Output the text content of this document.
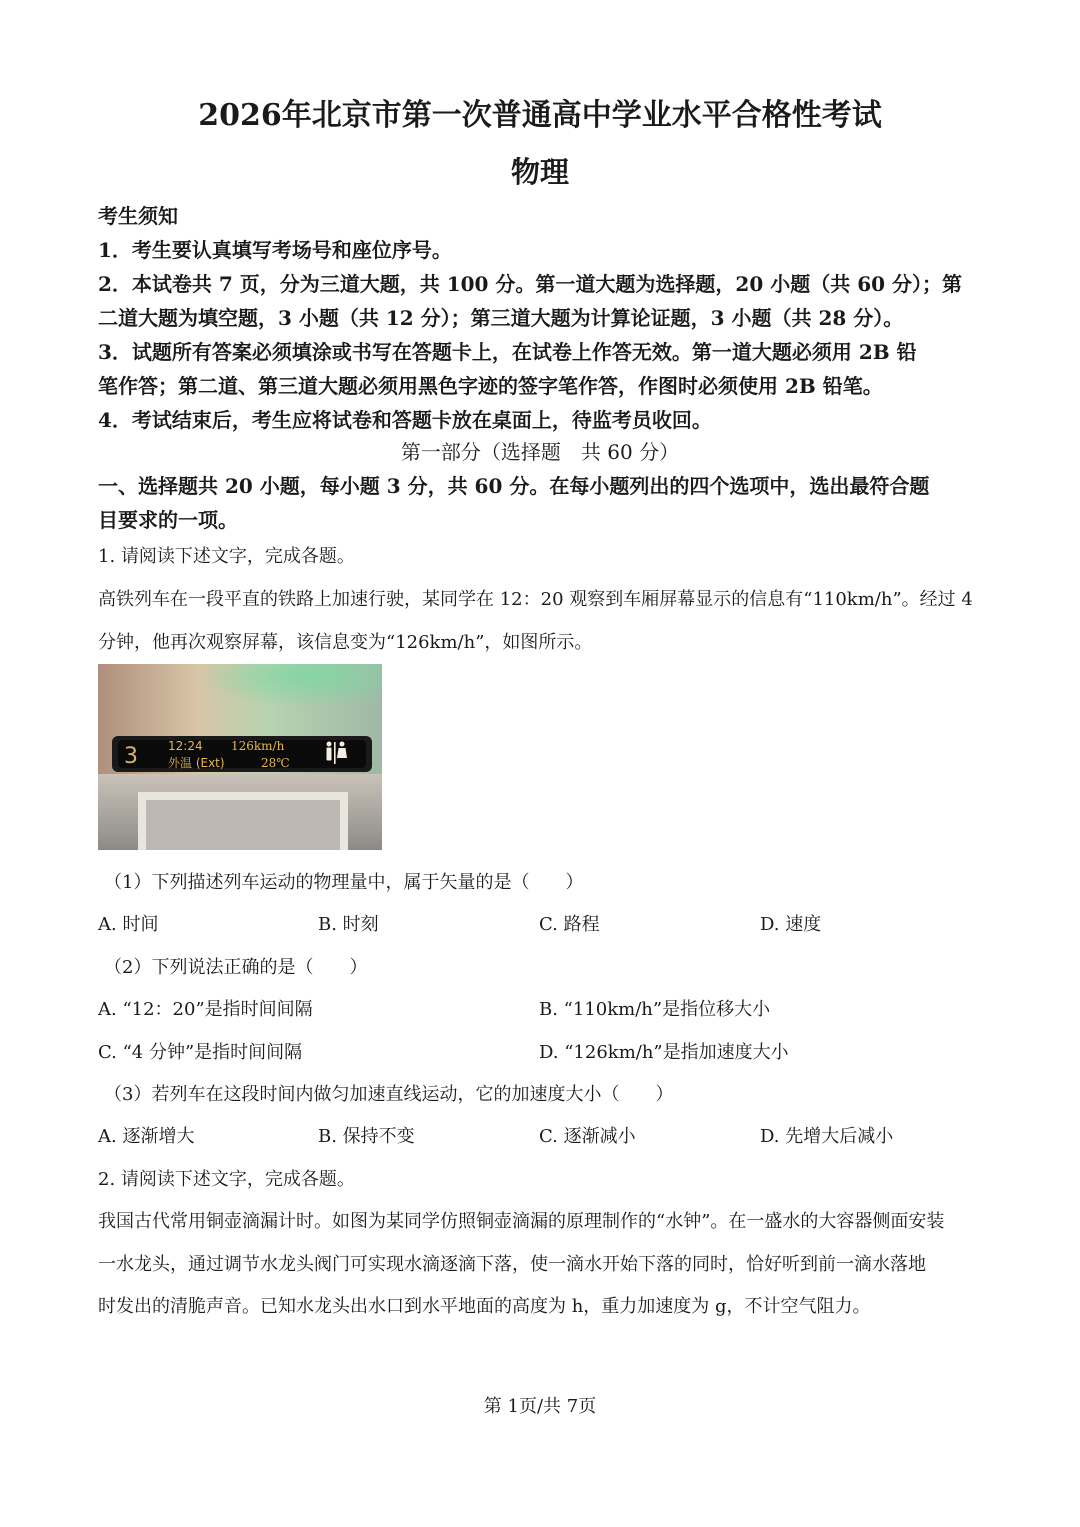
2026年北京市第一次普通高中学业水平合格性考试
物理
考生须知
1．考生要认真填写考场号和座位序号。
2．本试卷共 7 页，分为三道大题，共 100 分。第一道大题为选择题，20 小题（共 60 分）；第
二道大题为填空题，3 小题（共 12 分）；第三道大题为计算论证题，3 小题（共 28 分）。
3．试题所有答案必须填涂或书写在答题卡上，在试卷上作答无效。第一道大题必须用 2B 铅
笔作答；第二道、第三道大题必须用黑色字迹的签字笔作答，作图时必须使用 2B 铅笔。
4．考试结束后，考生应将试卷和答题卡放在桌面上，待监考员收回。
第一部分（选择题　共 60 分）
一、选择题共 20 小题，每小题 3 分，共 60 分。在每小题列出的四个选项中，选出最符合题
目要求的一项。
1. 请阅读下述文字，完成各题。
高铁列车在一段平直的铁路上加速行驶，某同学在 12：20 观察到车厢屏幕显示的信息有“110km/h”。经过 4
分钟，他再次观察屏幕，该信息变为“126km/h”，如图所示。
3	12:24 126km/h
外温 (Ext)	28℃
（1）下列描述列车运动的物理量中，属于矢量的是（　　）
A. 时间	B. 时刻	C. 路程	D. 速度
（2）下列说法正确的是（　　）
A. “12：20”是指时间间隔	B. “110km/h”是指位移大小
C. “4 分钟”是指时间间隔	D. “126km/h”是指加速度大小
（3）若列车在这段时间内做匀加速直线运动，它的加速度大小（　　）
A. 逐渐增大	B. 保持不变	C. 逐渐减小	D. 先增大后减小
2. 请阅读下述文字，完成各题。
我国古代常用铜壶滴漏计时。如图为某同学仿照铜壶滴漏的原理制作的“水钟”。在一盛水的大容器侧面安装
一水龙头，通过调节水龙头阀门可实现水滴逐滴下落，使一滴水开始下落的同时，恰好听到前一滴水落地
时发出的清脆声音。已知水龙头出水口到水平地面的高度为 h，重力加速度为 g，不计空气阻力。
第 1页/共 7页
